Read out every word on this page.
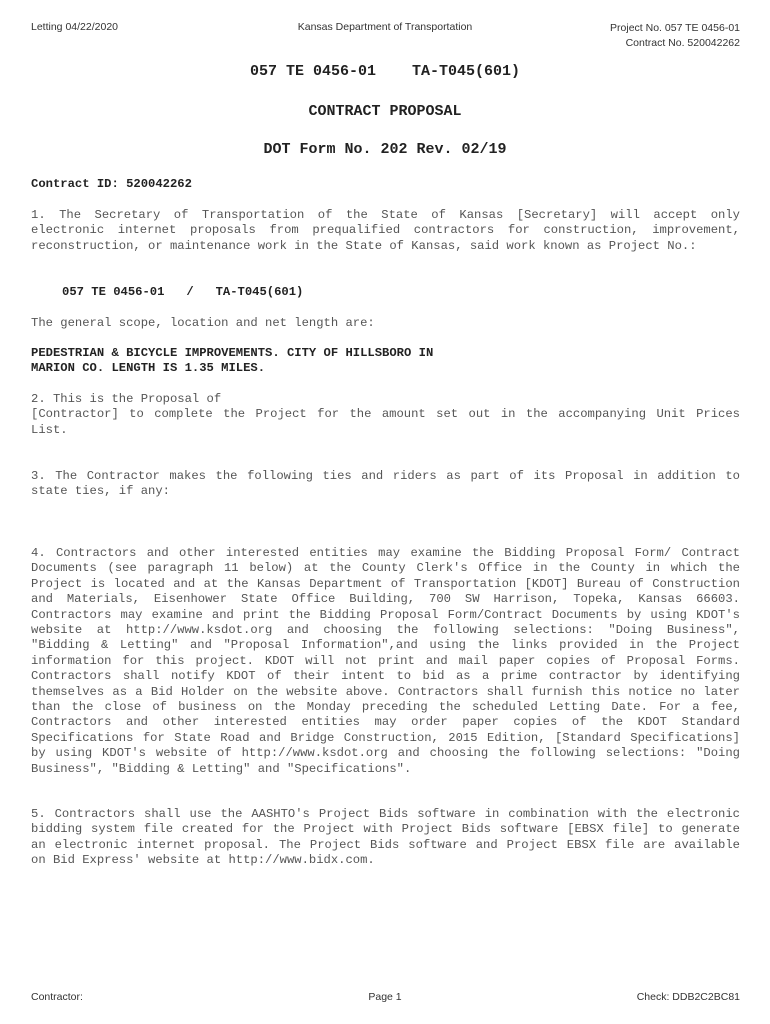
Letting 04/22/2020	Kansas Department of Transportation	Project No. 057 TE 0456-01
Contract No. 520042262
057 TE 0456-01    TA-T045(601)
CONTRACT PROPOSAL
DOT Form No. 202 Rev. 02/19
Contract ID: 520042262
1. The Secretary of Transportation of the State of Kansas [Secretary] will accept only electronic internet proposals from prequalified contractors for construction, improvement, reconstruction, or maintenance work in the State of Kansas, said work known as Project No.:
057 TE 0456-01   /   TA-T045(601)
The general scope, location and net length are:
PEDESTRIAN & BICYCLE IMPROVEMENTS. CITY OF HILLSBORO IN
MARION CO. LENGTH IS 1.35 MILES.
2. This is the Proposal of
[Contractor] to complete the Project for the amount set out in the accompanying Unit Prices List.
3. The Contractor makes the following ties and riders as part of its Proposal in addition to state ties, if any:
4. Contractors and other interested entities may examine the Bidding Proposal Form/ Contract Documents (see paragraph 11 below) at the County Clerk's Office in the County in which the Project is located and at the Kansas Department of Transportation [KDOT] Bureau of Construction and Materials, Eisenhower State Office Building, 700 SW Harrison, Topeka, Kansas 66603. Contractors may examine and print the Bidding Proposal Form/Contract Documents by using KDOT's website at http://www.ksdot.org and choosing the following selections: "Doing Business", "Bidding & Letting" and "Proposal Information",and using the links provided in the Project information for this project. KDOT will not print and mail paper copies of Proposal Forms. Contractors shall notify KDOT of their intent to bid as a prime contractor by identifying themselves as a Bid Holder on the website above. Contractors shall furnish this notice no later than the close of business on the Monday preceding the scheduled Letting Date. For a fee, Contractors and other interested entities may order paper copies of the KDOT Standard Specifications for State Road and Bridge Construction, 2015 Edition, [Standard Specifications] by using KDOT's website of http://www.ksdot.org and choosing the following selections: "Doing Business", "Bidding & Letting" and "Specifications".
5. Contractors shall use the AASHTO's Project Bids software in combination with the electronic bidding system file created for the Project with Project Bids software [EBSX file] to generate an electronic internet proposal. The Project Bids software and Project EBSX file are available on Bid Express' website at http://www.bidx.com.
Contractor:	Page 1	Check: DDB2C2BC81
